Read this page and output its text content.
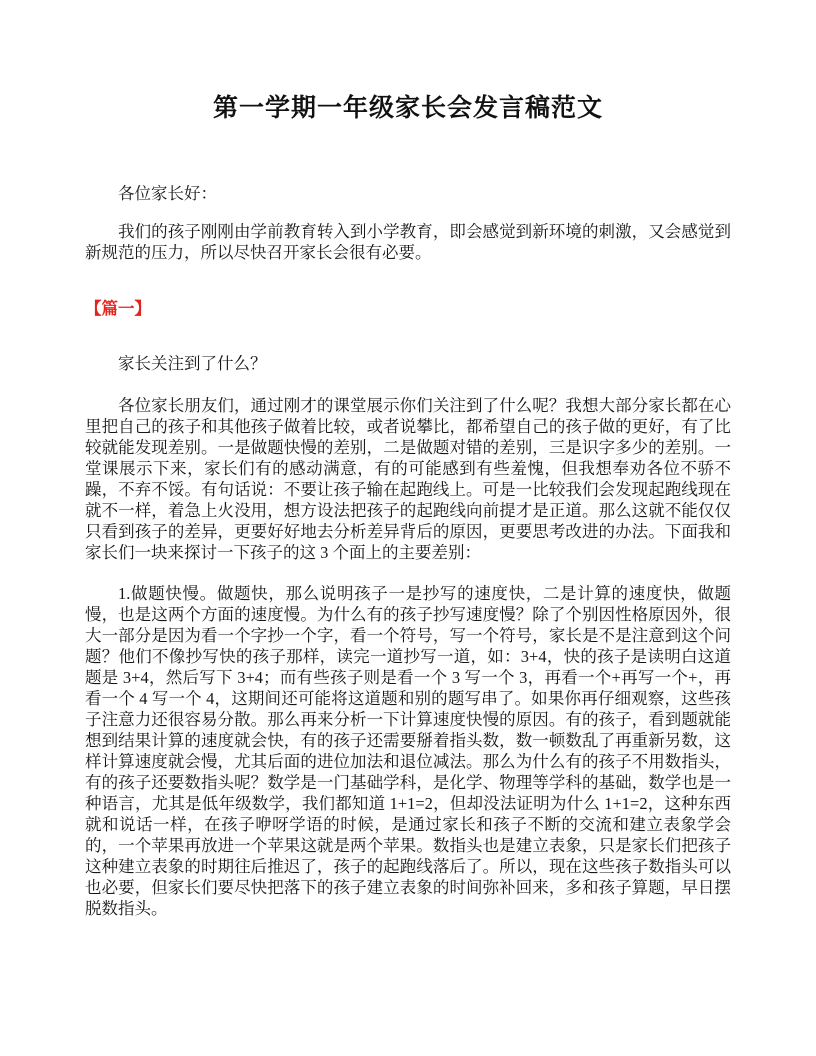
第一学期一年级家长会发言稿范文

各位家长好：

我们的孩子刚刚由学前教育转入到小学教育，即会感觉到新环境的刺激，又会感觉到新规范的压力，所以尽快召开家长会很有必要。

【篇一】

家长关注到了什么？

各位家长朋友们，通过刚才的课堂展示你们关注到了什么呢？我想大部分家长都在心里把自己的孩子和其他孩子做着比较，或者说攀比，都希望自己的孩子做的更好，有了比较就能发现差别。一是做题快慢的差别，二是做题对错的差别，三是识字多少的差别。一堂课展示下来，家长们有的感动满意，有的可能感到有些羞愧，但我想奉劝各位不骄不躁，不弃不馁。有句话说：不要让孩子输在起跑线上。可是一比较我们会发现起跑线现在就不一样，着急上火没用，想方设法把孩子的起跑线向前提才是正道。那么这就不能仅仅只看到孩子的差异，更要好好地去分析差异背后的原因，更要思考改进的办法。下面我和家长们一块来探讨一下孩子的这 3 个面上的主要差别：

1.做题快慢。做题快，那么说明孩子一是抄写的速度快，二是计算的速度快，做题慢，也是这两个方面的速度慢。为什么有的孩子抄写速度慢？除了个别因性格原因外，很大一部分是因为看一个字抄一个字，看一个符号，写一个符号，家长是不是注意到这个问题？他们不像抄写快的孩子那样，读完一道抄写一道，如：3+4，快的孩子是读明白这道题是 3+4，然后写下 3+4；而有些孩子则是看一个 3 写一个 3，再看一个+再写一个+，再看一个 4 写一个 4，这期间还可能将这道题和别的题写串了。如果你再仔细观察，这些孩子注意力还很容易分散。那么再来分析一下计算速度快慢的原因。有的孩子，看到题就能想到结果计算的速度就会快，有的孩子还需要掰着指头数，数一顿数乱了再重新另数，这样计算速度就会慢，尤其后面的进位加法和退位减法。那么为什么有的孩子不用数指头，有的孩子还要数指头呢？数学是一门基础学科，是化学、物理等学科的基础，数学也是一种语言，尤其是低年级数学，我们都知道 1+1=2，但却没法证明为什么 1+1=2，这种东西就和说话一样，在孩子咿呀学语的时候，是通过家长和孩子不断的交流和建立表象学会的，一个苹果再放进一个苹果这就是两个苹果。数指头也是建立表象，只是家长们把孩子这种建立表象的时期往后推迟了，孩子的起跑线落后了。所以，现在这些孩子数指头可以也必要，但家长们要尽快把落下的孩子建立表象的时间弥补回来，多和孩子算题，早日摆脱数指头。
